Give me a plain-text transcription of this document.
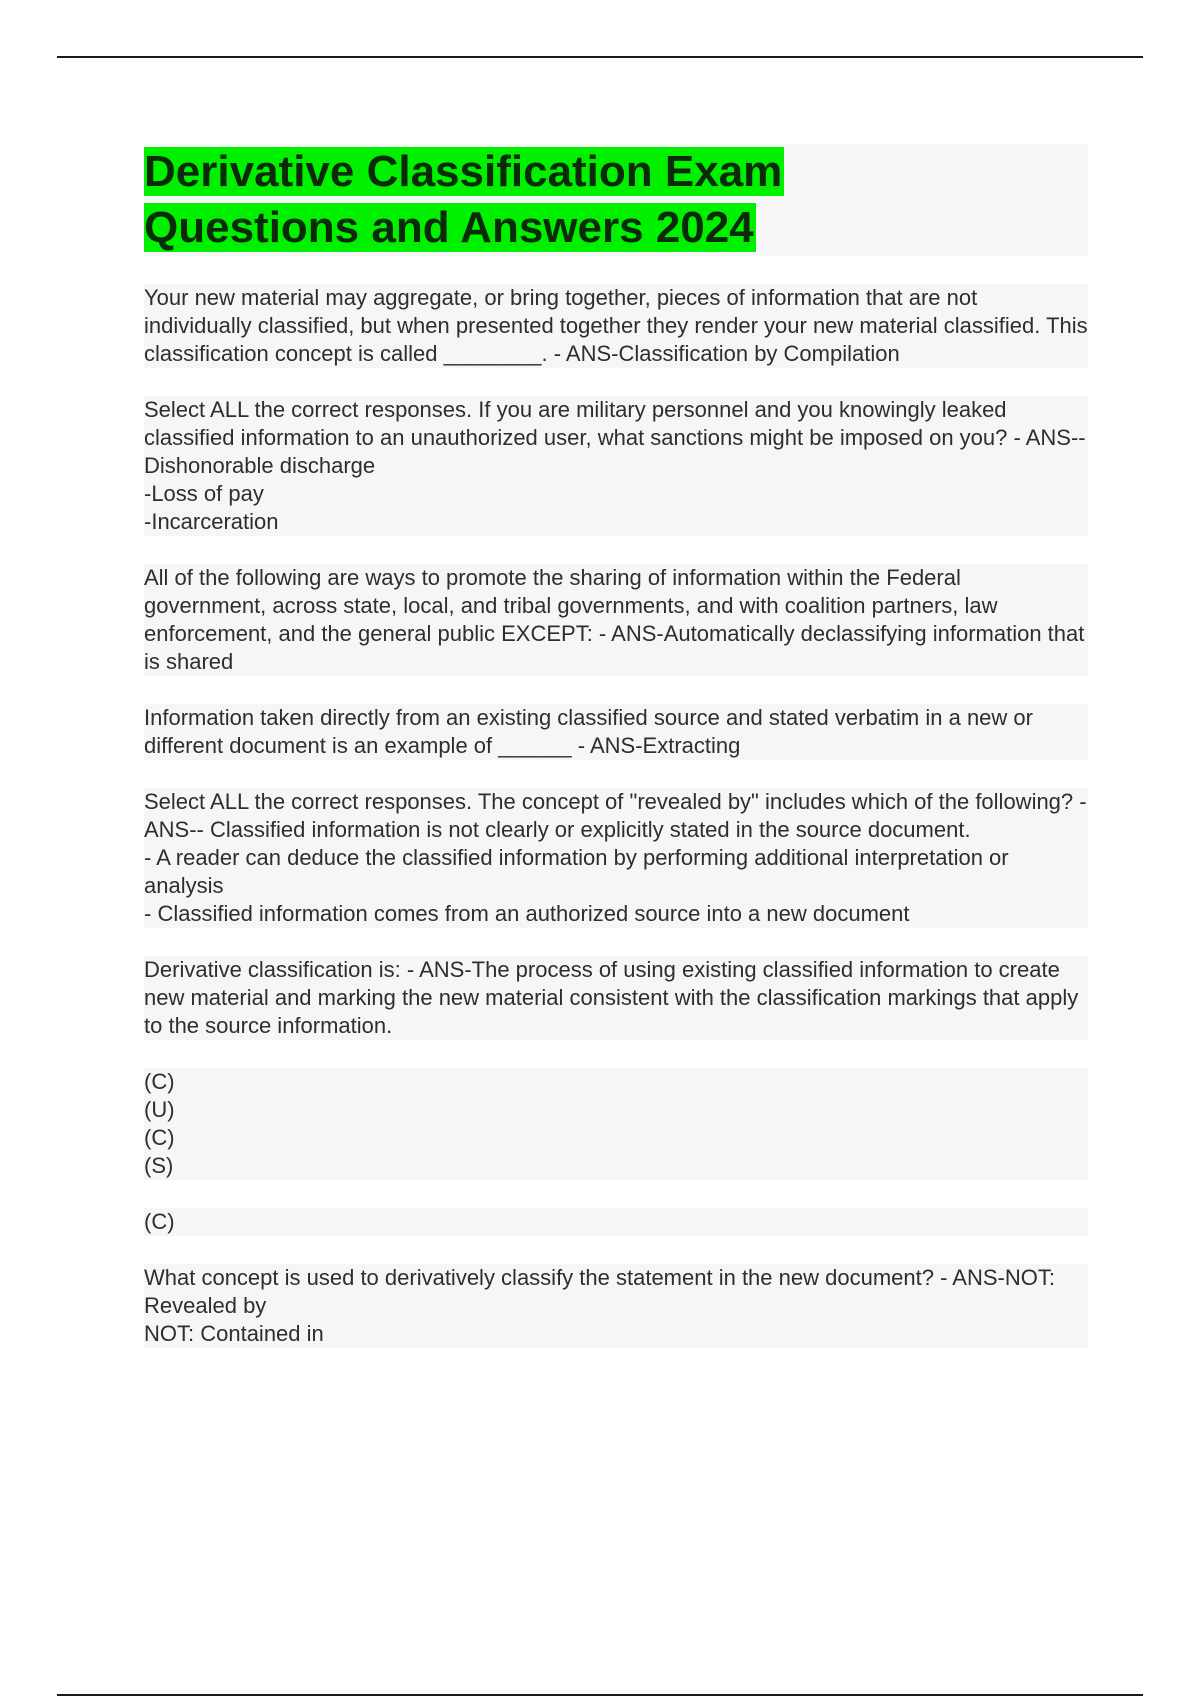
Derivative Classification Exam
Questions and Answers 2024

Your new material may aggregate, or bring together, pieces of information that are not individually classified, but when presented together they render your new material classified. This classification concept is called ________. - ANS-Classification by Compilation

Select ALL the correct responses. If you are military personnel and you knowingly leaked classified information to an unauthorized user, what sanctions might be imposed on you? - ANS--Dishonorable discharge

-Loss of pay

-Incarceration

All of the following are ways to promote the sharing of information within the Federal government, across state, local, and tribal governments, and with coalition partners, law enforcement, and the general public EXCEPT: - ANS-Automatically declassifying information that is shared

Information taken directly from an existing classified source and stated verbatim in a new or different document is an example of ______ - ANS-Extracting

Select ALL the correct responses. The concept of "revealed by" includes which of the following? - ANS-- Classified information is not clearly or explicitly stated in the source document.

- A reader can deduce the classified information by performing additional interpretation or analysis

- Classified information comes from an authorized source into a new document

Derivative classification is: - ANS-The process of using existing classified information to create new material and marking the new material consistent with the classification markings that apply to the source information.

(C)

(U)

(C)

(S)

(C)

What concept is used to derivatively classify the statement in the new document? - ANS-NOT: Revealed by

NOT: Contained in
